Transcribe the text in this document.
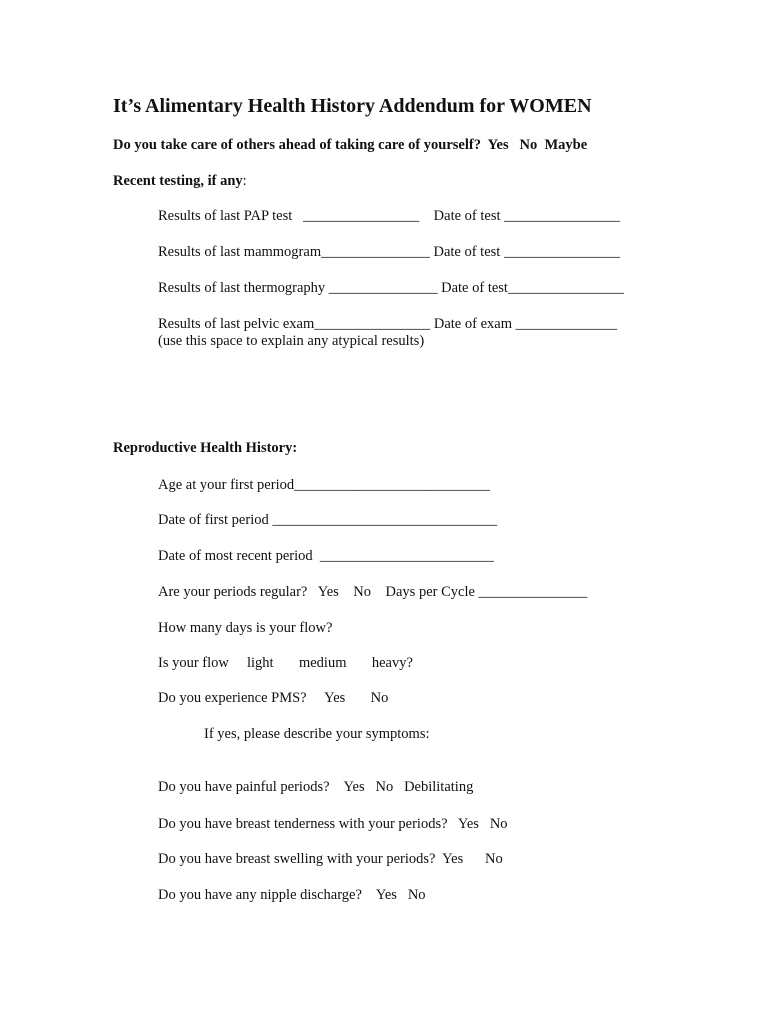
It’s Alimentary Health History Addendum for WOMEN
Do you take care of others ahead of taking care of yourself?  Yes   No  Maybe
Recent testing, if any:
Results of last PAP test   ________________    Date of test ________________
Results of last mammogram_______________ Date of test ________________
Results of last thermography _______________ Date of test________________
Results of last pelvic exam________________ Date of exam ______________
(use this space to explain any atypical results)
Reproductive Health History:
Age at your first period___________________________
Date of first period _______________________________
Date of most recent period  ________________________
Are your periods regular?   Yes    No    Days per Cycle _______________
How many days is your flow?
Is your flow     light       medium       heavy?
Do you experience PMS?     Yes       No
If yes, please describe your symptoms:
Do you have painful periods?    Yes   No   Debilitating
Do you have breast tenderness with your periods?   Yes   No
Do you have breast swelling with your periods?  Yes      No
Do you have any nipple discharge?    Yes   No
